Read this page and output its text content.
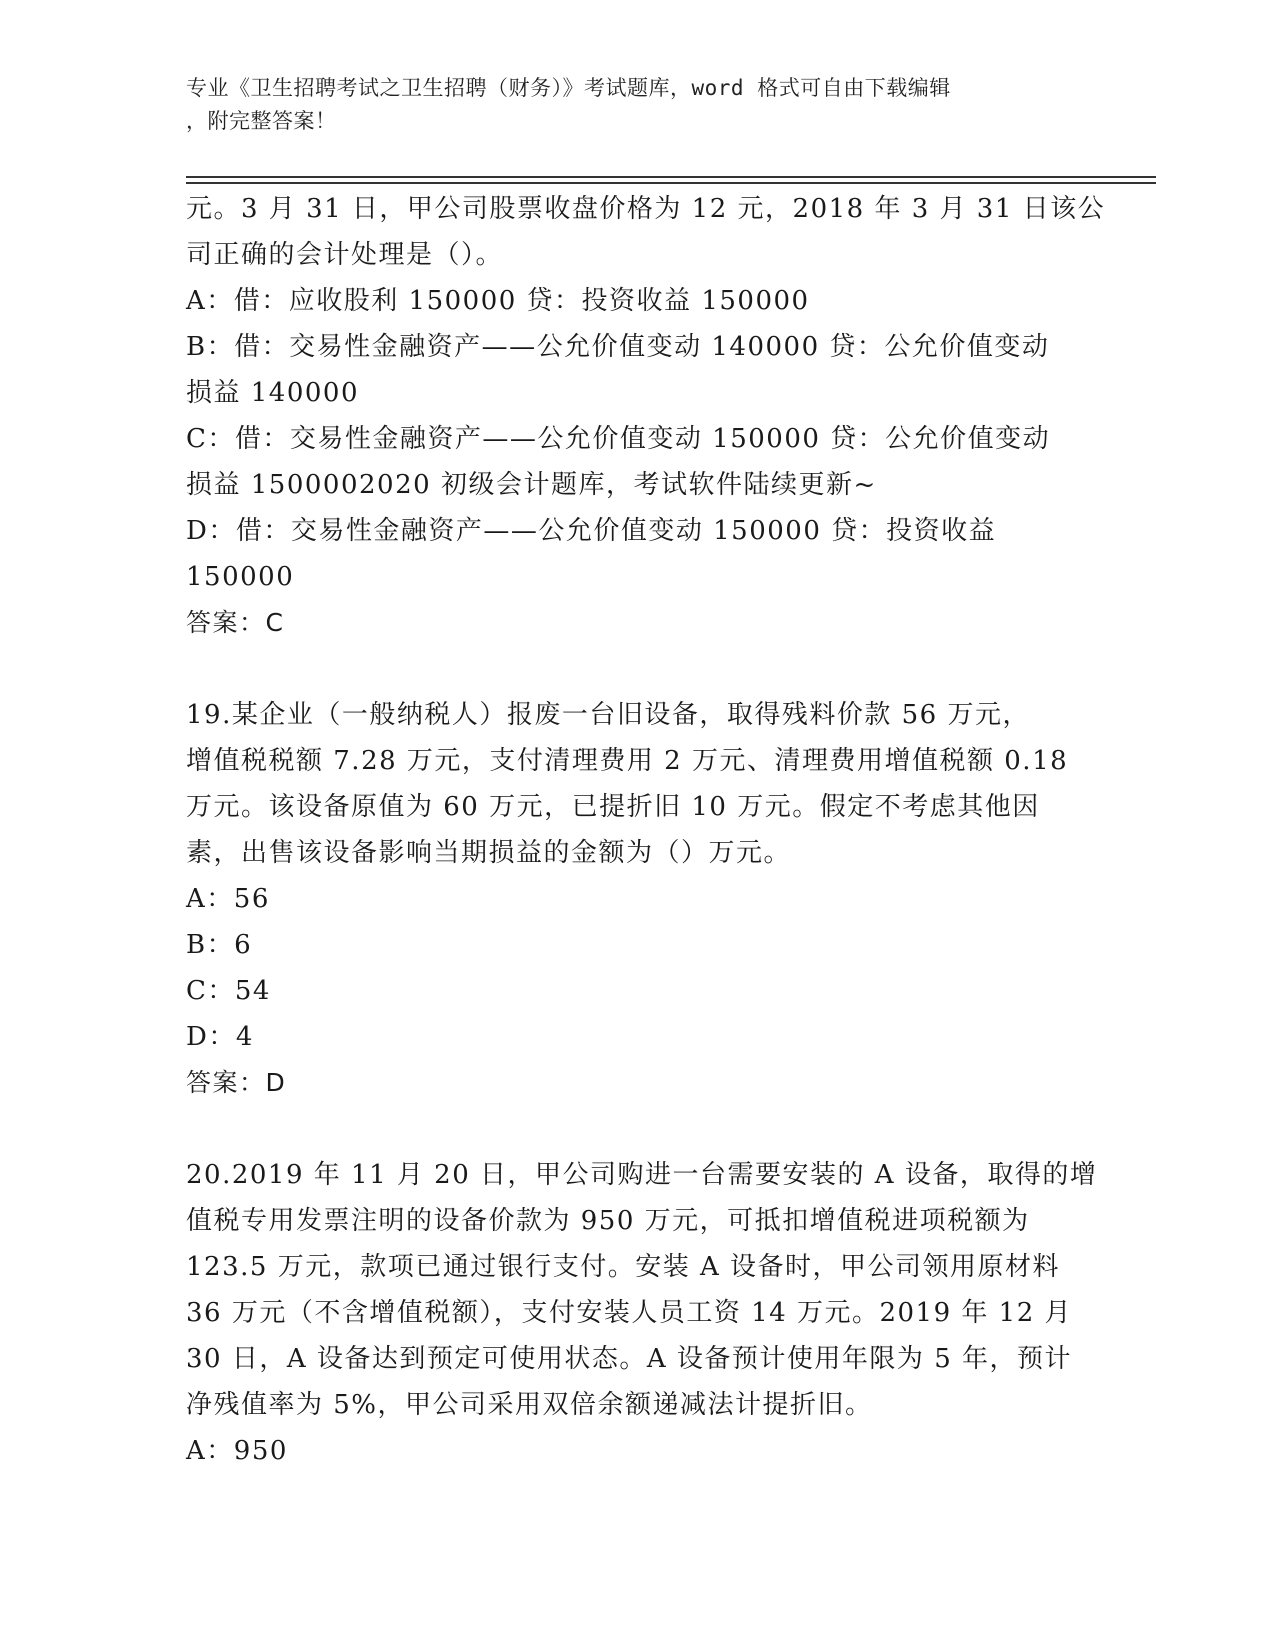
专业《卫生招聘考试之卫生招聘（财务）》考试题库，word 格式可自由下载编辑
，附完整答案！
元。3 月 31 日，甲公司股票收盘价格为 12 元，2018 年 3 月 31 日该公
司正确的会计处理是（）。
A：借：应收股利 150000 贷：投资收益 150000
B：借：交易性金融资产——公允价值变动 140000 贷：公允价值变动
损益 140000
C：借：交易性金融资产——公允价值变动 150000 贷：公允价值变动
损益 1500002020 初级会计题库，考试软件陆续更新~
D：借：交易性金融资产——公允价值变动 150000 贷：投资收益
150000
答案：C
19.某企业（一般纳税人）报废一台旧设备，取得残料价款 56 万元，
增值税税额 7.28 万元，支付清理费用 2 万元、清理费用增值税额 0.18
万元。该设备原值为 60 万元，已提折旧 10 万元。假定不考虑其他因
素，出售该设备影响当期损益的金额为（）万元。
A：56
B：6
C：54
D：4
答案：D
20.2019 年 11 月 20 日，甲公司购进一台需要安装的 A 设备，取得的增
值税专用发票注明的设备价款为 950 万元，可抵扣增值税进项税额为
123.5 万元，款项已通过银行支付。安装 A 设备时，甲公司领用原材料
36 万元（不含增值税额），支付安装人员工资 14 万元。2019 年 12 月
30 日，A 设备达到预定可使用状态。A 设备预计使用年限为 5 年，预计
净残值率为 5%，甲公司采用双倍余额递减法计提折旧。
A：950
